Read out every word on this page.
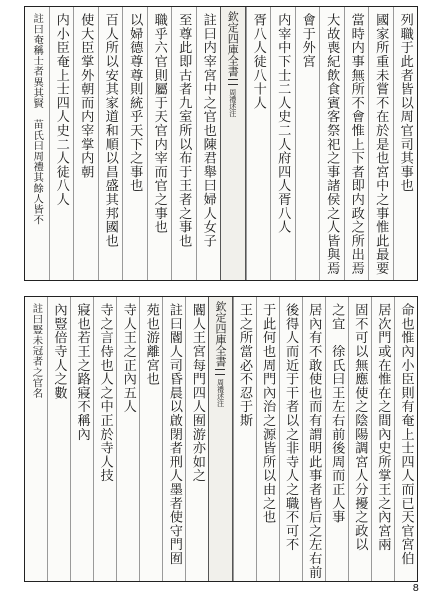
列職于此者皆以周官司其事也
國家所重未嘗不在於是也宮中之事惟此最要
當時内事無所不會惟上下者即内政之所出焉
大故喪紀飲食賓客祭祀之事諸侯之人皆與焉
會于外宮
内宰中下士二人史二人府四人胥八人
胥八人徒八十人
欽定四庫全書
周禮述注
註曰内宰宮中之官也陳君舉曰婦人女子
至尊此即古者九室所以布于王者之事也
職乎六官則屬于天官内宰而官之事也
以婦德尊尊則統乎天下之事也
百人所以安其家道和順以昌盛其邦國也
使大臣掌外朝而内宰掌内朝
内小臣奄上士四人史二人徒八人
註曰奄稱士者異其賢　苗氏曰周禮其餘人皆不
命也惟內小臣則有奄上士四人而已天官宮伯
居次門或在惟在之間內史所掌王之內宮兩
固不可以無應使之陰陽調宮人分擾之政以
之宜　徐氏曰王左右前後周而正人事
居內有不敢使也而有謂明此事者皆后之左右前
後得人而近于干者以之非寺人之職不可不
于此何也周門內治之源皆所以由之也
王之所當必不忍于斯
欽定四庫全書
周禮述注
閽人王宮每門四人囿游亦如之
註曰閽人司昏晨以啟閉者刑人墨者使守門囿
苑也游離宮也
寺人王之正內五人
寺之言侍也人之中正於寺人技
寢也若王之路寢不稱內
內豎倍寺人之數
註曰豎未冠者之官名
8
